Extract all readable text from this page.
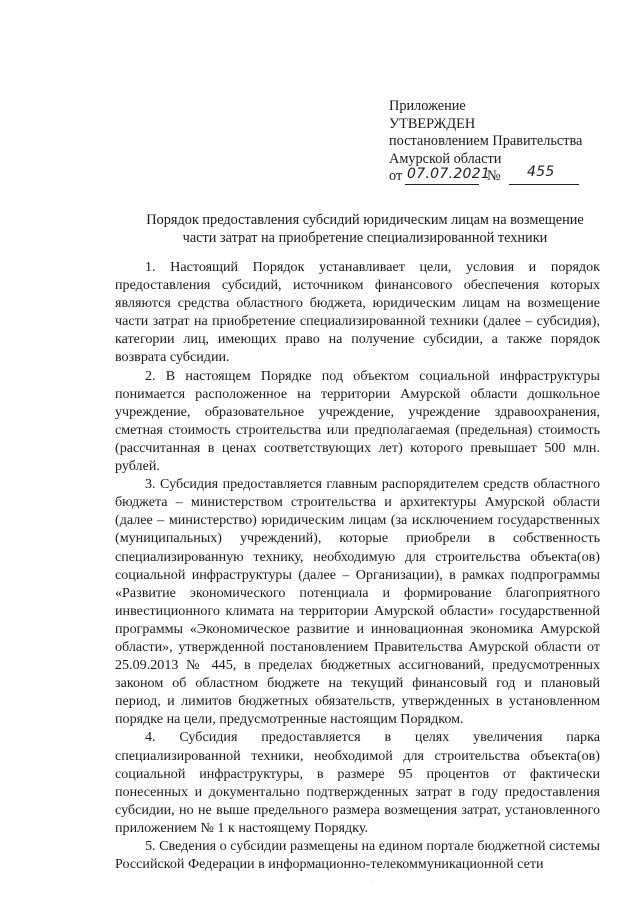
Приложение
УТВЕРЖДЕН
постановлением Правительства
Амурской области
от 07.07.2021
№ 455
Порядок предоставления субсидий юридическим лицам на возмещение
части затрат на приобретение специализированной техники

1. Настоящий Порядок устанавливает цели, условия и порядок предоставления субсидий, источником финансового обеспечения которых являются средства областного бюджета, юридическим лицам на возмещение части затрат на приобретение специализированной техники (далее – субсидия), категории лиц, имеющих право на получение субсидии, а также порядок возврата субсидии.

2. В настоящем Порядке под объектом социальной инфраструктуры понимается расположенное на территории Амурской области дошкольное учреждение, образовательное учреждение, учреждение здравоохранения, сметная стоимость строительства или предполагаемая (предельная) стоимость (рассчитанная в ценах соответствующих лет) которого превышает 500 млн. рублей.

3. Субсидия предоставляется главным распорядителем средств областного бюджета – министерством строительства и архитектуры Амурской области (далее – министерство) юридическим лицам (за исключением государственных (муниципальных) учреждений), которые приобрели в собственность специализированную технику, необходимую для строительства объекта(ов) социальной инфраструктуры (далее – Организации), в рамках подпрограммы «Развитие экономического потенциала и формирование благоприятного инвестиционного климата на территории Амурской области» государственной программы «Экономическое развитие и инновационная экономика Амурской области», утвержденной постановлением Правительства Амурской области от 25.09.2013 № 445, в пределах бюджетных ассигнований, предусмотренных законом об областном бюджете на текущий финансовый год и плановый период, и лимитов бюджетных обязательств, утвержденных в установленном порядке на цели, предусмотренные настоящим Порядком.

4. Субсидия предоставляется в целях увеличения парка специализированной техники, необходимой для строительства объекта(ов) социальной инфраструктуры, в размере 95 процентов от фактически понесенных и документально подтвержденных затрат в году предоставления субсидии, но не выше предельного размера возмещения затрат, установленного приложением № 1 к настоящему Порядку.

5. Сведения о субсидии размещены на едином портале бюджетной системы Российской Федерации в информационно-телекоммуникационной сети

·
